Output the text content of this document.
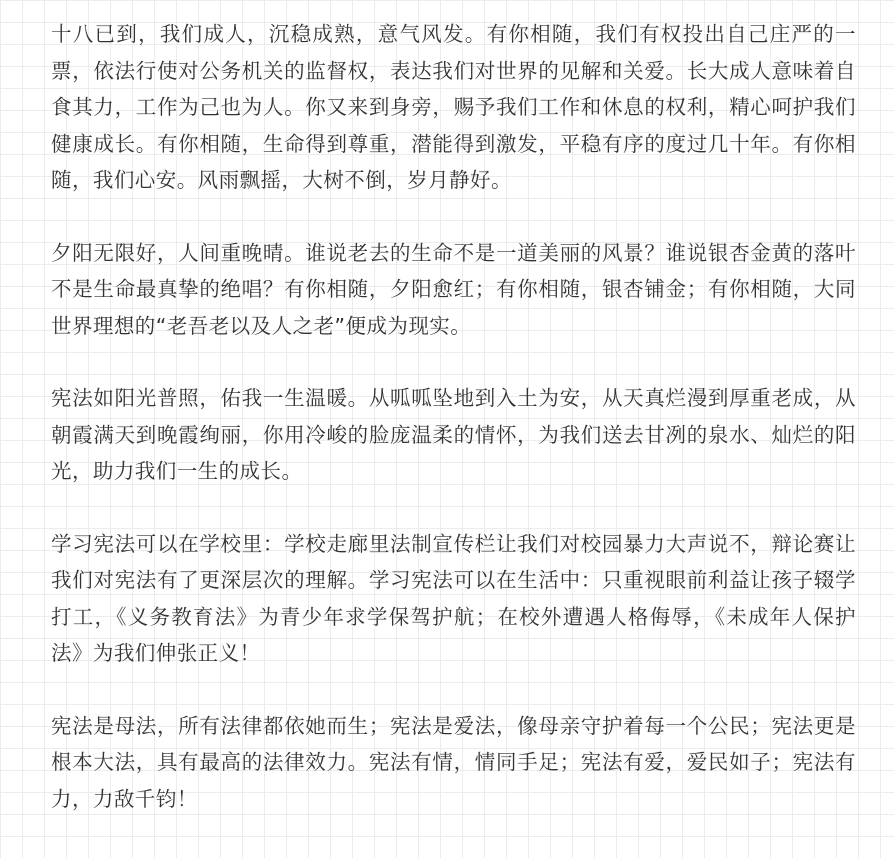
十八已到，我们成人，沉稳成熟，意气风发。有你相随，我们有权投出自己庄严的一票，依法行使对公务机关的监督权，表达我们对世界的见解和关爱。长大成人意味着自食其力，工作为己也为人。你又来到身旁，赐予我们工作和休息的权利，精心呵护我们健康成长。有你相随，生命得到尊重，潜能得到激发，平稳有序的度过几十年。有你相随，我们心安。风雨飘摇，大树不倒，岁月静好。

夕阳无限好，人间重晚晴。谁说老去的生命不是一道美丽的风景？谁说银杏金黄的落叶不是生命最真挚的绝唱？有你相随，夕阳愈红；有你相随，银杏铺金；有你相随，大同世界理想的“老吾老以及人之老”便成为现实。

宪法如阳光普照，佑我一生温暖。从呱呱坠地到入土为安，从天真烂漫到厚重老成，从朝霞满天到晚霞绚丽，你用冷峻的脸庞温柔的情怀，为我们送去甘冽的泉水、灿烂的阳光，助力我们一生的成长。

学习宪法可以在学校里：学校走廊里法制宣传栏让我们对校园暴力大声说不，辩论赛让我们对宪法有了更深层次的理解。学习宪法可以在生活中：只重视眼前利益让孩子辍学打工，《义务教育法》为青少年求学保驾护航；在校外遭遇人格侮辱，《未成年人保护法》为我们伸张正义！

宪法是母法，所有法律都依她而生；宪法是爱法，像母亲守护着每一个公民；宪法更是根本大法，具有最高的法律效力。宪法有情，情同手足；宪法有爱，爱民如子；宪法有力，力敌千钧！
